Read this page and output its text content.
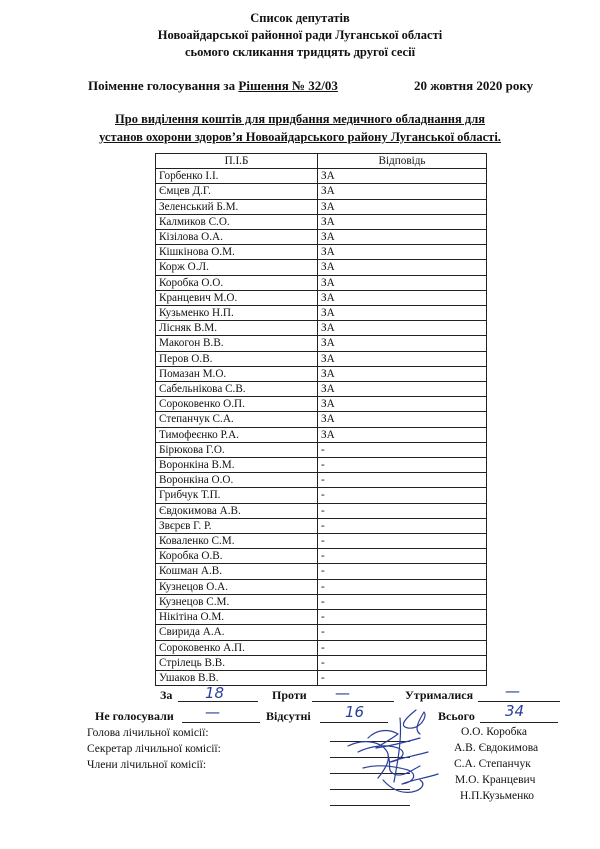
Список депутатів
Новоайдарської районної ради Луганської області
сьомого скликання тридцять другої сесії
Поіменне голосування за Рішення № 32/03	20 жовтня 2020 року
Про виділення коштів для придбання медичного обладнання для
установ охорони здоров’я Новоайдарського району Луганської області.
П.І.Б	Відповідь
Горбенко І.І.	ЗА
Ємцев Д.Г.	ЗА
Зеленський Б.М.	ЗА
Калмиков С.О.	ЗА
Кізілова О.А.	ЗА
Кішкінова О.М.	ЗА
Корж О.Л.	ЗА
Коробка О.О.	ЗА
Кранцевич М.О.	ЗА
Кузьменко Н.П.	ЗА
Лісняк В.М.	ЗА
Макогон В.В.	ЗА
Перов О.В.	ЗА
Помазан М.О.	ЗА
Сабельнікова С.В.	ЗА
Сороковенко О.П.	ЗА
Степанчук С.А.	ЗА
Тимофеєнко Р.А.	ЗА
Бірюкова Г.О.	-
Воронкіна В.М.	-
Воронкіна О.О.	-
Грибчук Т.П.	-
Євдокимова А.В.	-
Звєрєв Г. Р.	-
Коваленко С.М.	-
Коробка О.В.	-
Кошман А.В.	-
Кузнецов О.А.	-
Кузнецов С.М.	-
Нікітіна О.М.	-
Свирида А.А.	-
Сороковенко А.П.	-
Стрілець В.В.	-
Ушаков В.В.	-
За 18	Проти —	Утрималися —
Не голосували —	Відсутні 16	Всього 34
Голова лічильної комісії:
Секретар лічильної комісії:
Члени лічильної комісії:
О.О. Коробка
А.В. Євдокимова
С.А. Степанчук
М.О. Кранцевич
Н.П.Кузьменко
